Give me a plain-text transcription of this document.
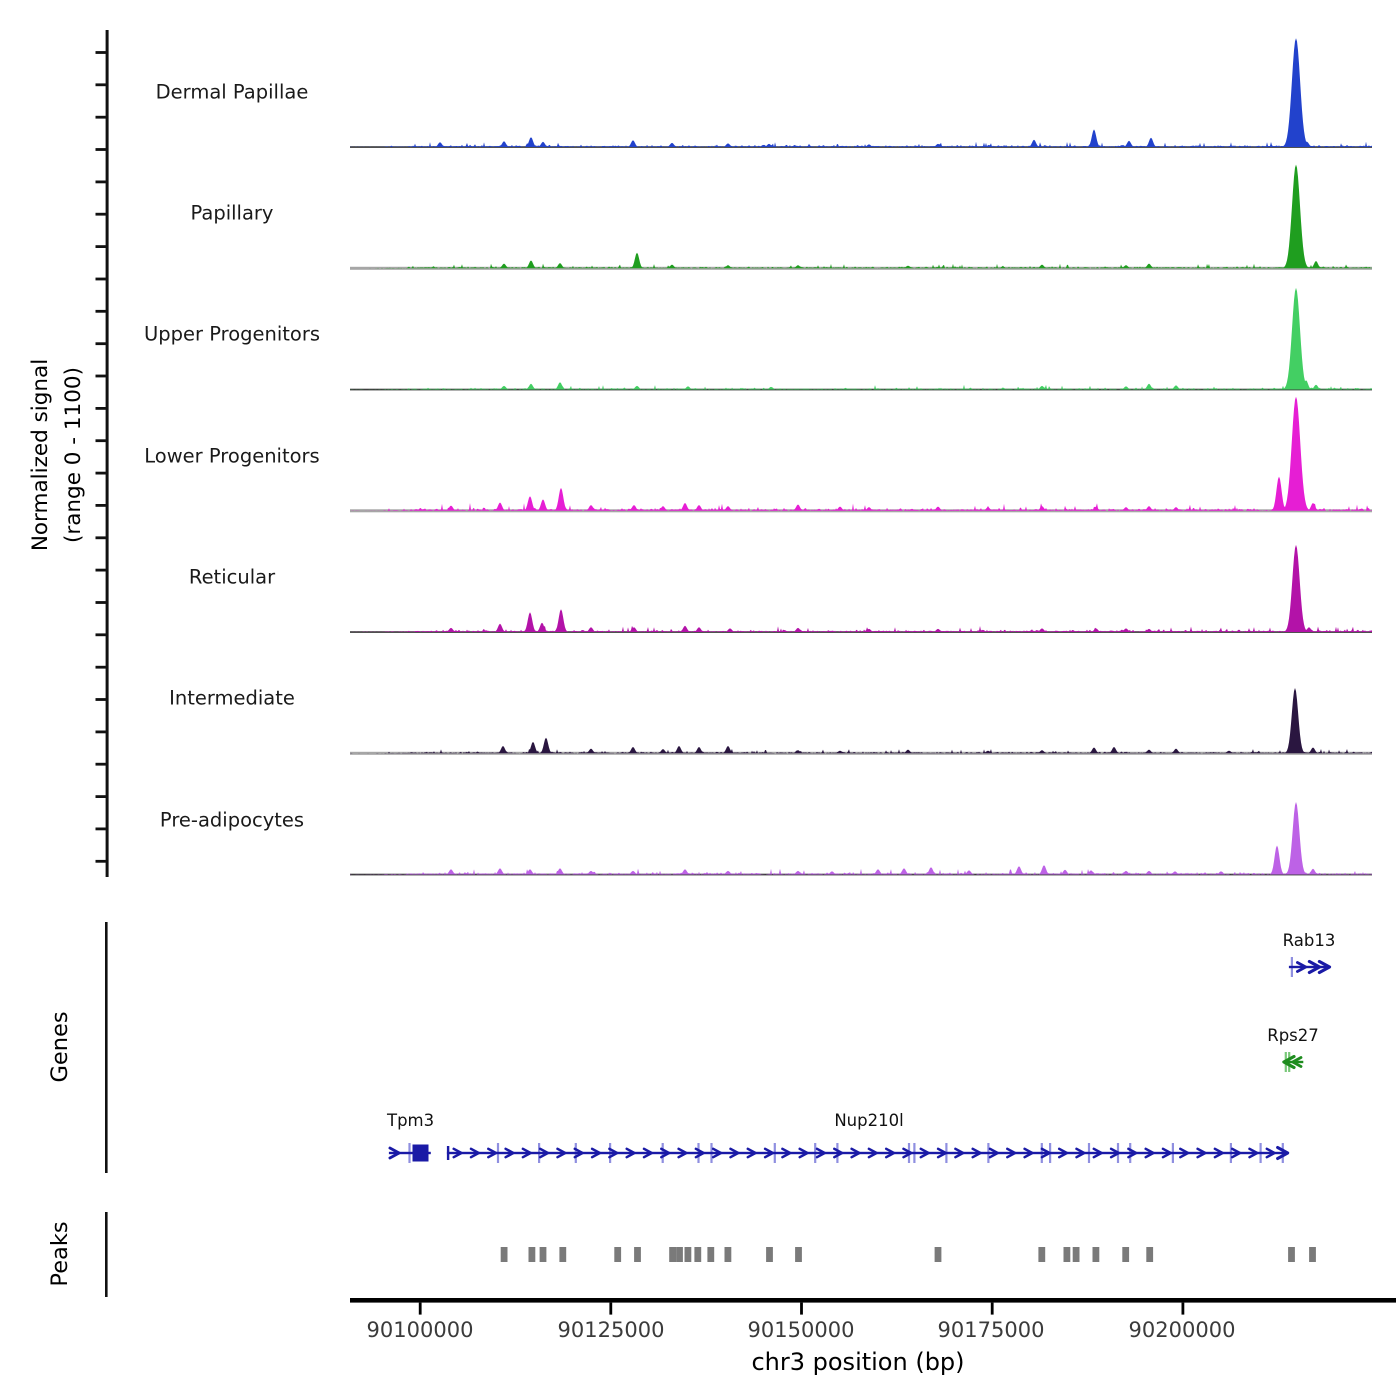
Normalized signal (range 0 - 1100)
Dermal Papillae
Papillary
Upper Progenitors
Lower Progenitors
Reticular
Intermediate
Pre-adipocytes
Genes
Peaks
Rab13
Rps27
Tpm3	Nup210l
90100000	90125000	90150000	90175000	90200000
chr3 position (bp)
